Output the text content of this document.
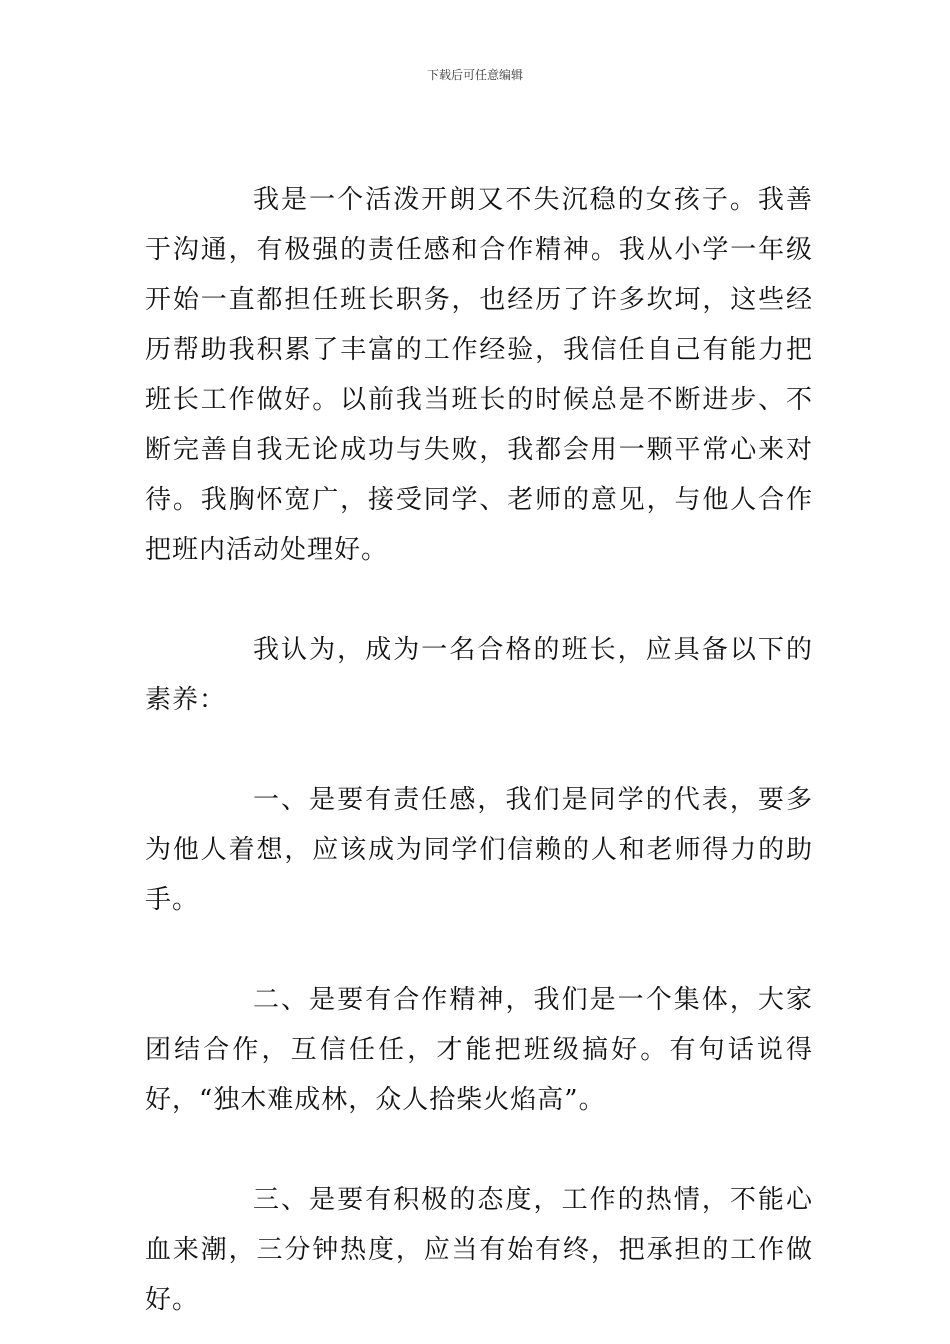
下载后可任意编辑

我是一个活泼开朗又不失沉稳的女孩子。我善于沟通，有极强的责任感和合作精神。我从小学一年级开始一直都担任班长职务，也经历了许多坎坷，这些经历帮助我积累了丰富的工作经验，我信任自己有能力把班长工作做好。以前我当班长的时候总是不断进步、不断完善自我无论成功与失败，我都会用一颗平常心来对待。我胸怀宽广，接受同学、老师的意见，与他人合作把班内活动处理好。

我认为，成为一名合格的班长，应具备以下的素养：

一、是要有责任感，我们是同学的代表，要多为他人着想，应该成为同学们信赖的人和老师得力的助手。

二、是要有合作精神，我们是一个集体，大家团结合作，互信任任，才能把班级搞好。有句话说得好，“独木难成林，众人拾柴火焰高”。

三、是要有积极的态度，工作的热情，不能心血来潮，三分钟热度，应当有始有终，把承担的工作做好。
